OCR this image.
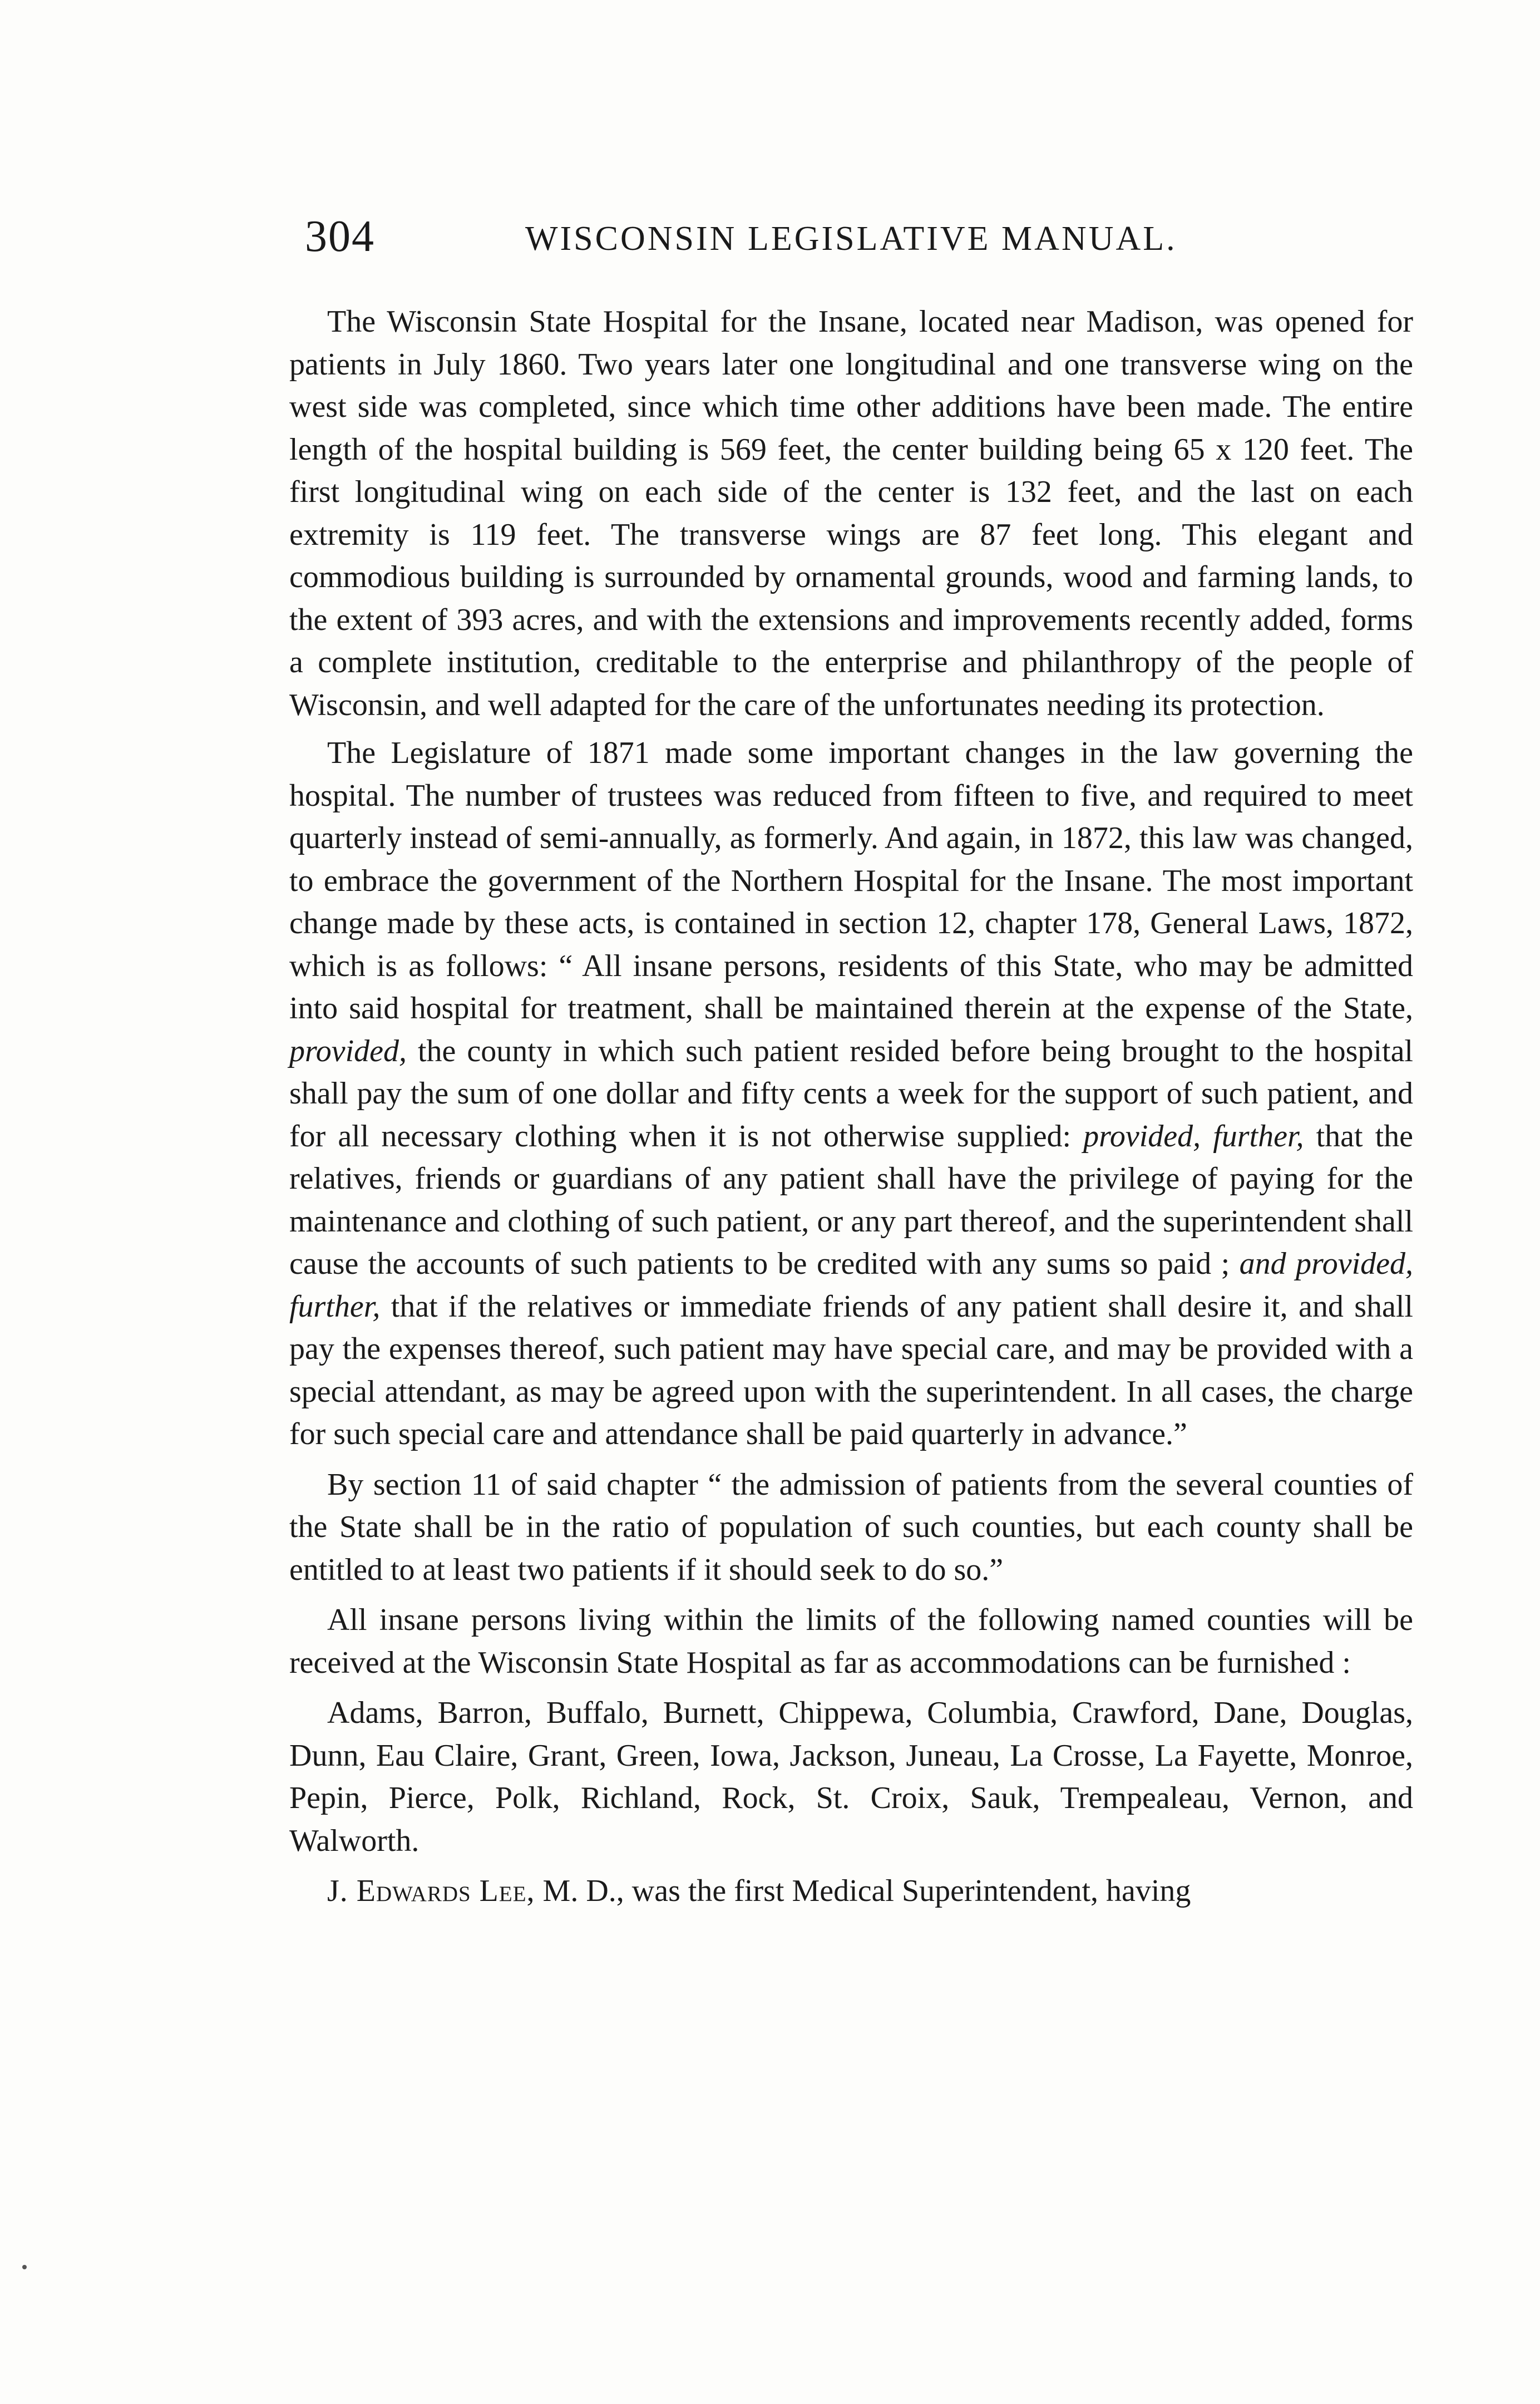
304	WISCONSIN LEGISLATIVE MANUAL.

The Wisconsin State Hospital for the Insane, located near Madison, was opened for patients in July 1860. Two years later one longitudinal and one transverse wing on the west side was completed, since which time other additions have been made. The entire length of the hospital building is 569 feet, the center building being 65 x 120 feet. The first longitudinal wing on each side of the center is 132 feet, and the last on each extremity is 119 feet. The transverse wings are 87 feet long. This elegant and commodious building is surrounded by ornamental grounds, wood and farming lands, to the extent of 393 acres, and with the extensions and improvements recently added, forms a complete institution, creditable to the enterprise and philanthropy of the people of Wisconsin, and well adapted for the care of the unfortunates needing its protection.

The Legislature of 1871 made some important changes in the law governing the hospital. The number of trustees was reduced from fifteen to five, and required to meet quarterly instead of semi-annually, as formerly. And again, in 1872, this law was changed, to embrace the government of the Northern Hospital for the Insane. The most important change made by these acts, is contained in section 12, chapter 178, General Laws, 1872, which is as follows: “ All insane persons, residents of this State, who may be admitted into said hospital for treatment, shall be maintained therein at the expense of the State, provided, the county in which such patient resided before being brought to the hospital shall pay the sum of one dollar and fifty cents a week for the support of such patient, and for all necessary clothing when it is not otherwise supplied: provided, further, that the relatives, friends or guardians of any patient shall have the privilege of paying for the maintenance and clothing of such patient, or any part thereof, and the superintendent shall cause the accounts of such patients to be credited with any sums so paid ; and provided, further, that if the relatives or immediate friends of any patient shall desire it, and shall pay the expenses thereof, such patient may have special care, and may be provided with a special attendant, as may be agreed upon with the superintendent. In all cases, the charge for such special care and attendance shall be paid quarterly in advance.”

By section 11 of said chapter “ the admission of patients from the several counties of the State shall be in the ratio of population of such counties, but each county shall be entitled to at least two patients if it should seek to do so.”

All insane persons living within the limits of the following named counties will be received at the Wisconsin State Hospital as far as accommodations can be furnished :

Adams, Barron, Buffalo, Burnett, Chippewa, Columbia, Crawford, Dane, Douglas, Dunn, Eau Claire, Grant, Green, Iowa, Jackson, Juneau, La Crosse, La Fayette, Monroe, Pepin, Pierce, Polk, Richland, Rock, St. Croix, Sauk, Trempealeau, Vernon, and Walworth.

J. Edwards Lee, M. D., was the first Medical Superintendent, having
